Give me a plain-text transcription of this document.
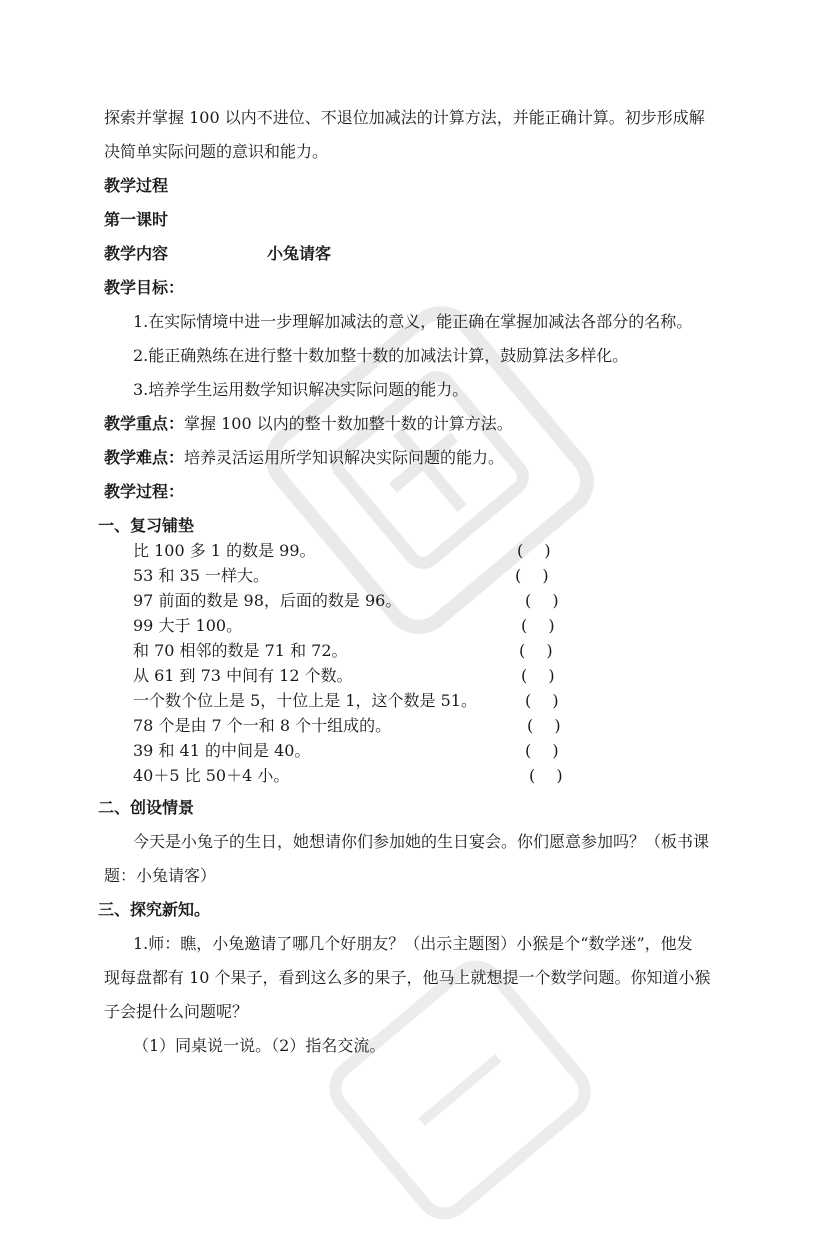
探索并掌握 100 以内不进位、不退位加减法的计算方法，并能正确计算。初步形成解
决简单实际问题的意识和能力。
教学过程
第一课时
教学内容	小兔请客
教学目标：
1.在实际情境中进一步理解加减法的意义，能正确在掌握加减法各部分的名称。
2.能正确熟练在进行整十数加整十数的加减法计算，鼓励算法多样化。
3.培养学生运用数学知识解决实际问题的能力。
教学重点：掌握 100 以内的整十数加整十数的计算方法。
教学难点：培养灵活运用所学知识解决实际问题的能力。
教学过程：
一、复习铺垫
比 100 多 1 的数是 99。	(　 )
53 和 35 一样大。	(　 )
97 前面的数是 98，后面的数是 96。	(　 )
99 大于 100。	(　 )
和 70 相邻的数是 71 和 72。	(　 )
从 61 到 73 中间有 12 个数。	(　 )
一个数个位上是 5，十位上是 1，这个数是 51。	(　 )
78 个是由 7 个一和 8 个十组成的。	(　 )
39 和 41 的中间是 40。	(　 )
40＋5 比 50＋4 小。	(　 )
二、创设情景
今天是小兔子的生日，她想请你们参加她的生日宴会。你们愿意参加吗？（板书课
题：小兔请客）
三、探究新知。
1.师：瞧，小兔邀请了哪几个好朋友？（出示主题图）小猴是个“数学迷”，他发
现每盘都有 10 个果子，看到这么多的果子，他马上就想提一个数学问题。你知道小猴
子会提什么问题呢？
（1）同桌说一说。（2）指名交流。
